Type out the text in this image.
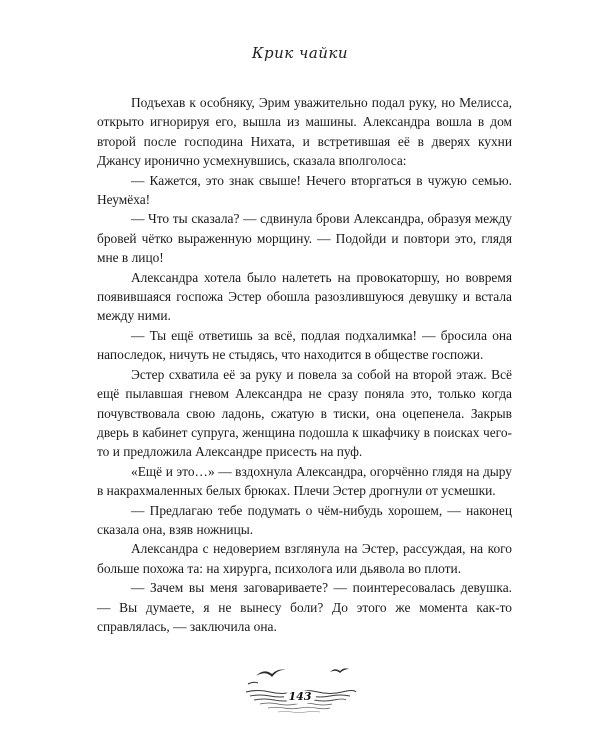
Крик чайки

Подъехав к особняку, Эрим уважительно подал руку, но Мелисса, открыто игнорируя его, вышла из машины. Александра вошла в дом второй после господина Нихата, и встретившая её в дверях кухни Джансу иронично усмехнувшись, сказала вполголоса:

— Кажется, это знак свыше! Нечего вторгаться в чужую семью. Неумёха!

— Что ты сказала? — сдвинула брови Александра, образуя между бровей чётко выраженную морщину. — Подойди и повтори это, глядя мне в лицо!

Александра хотела было налететь на провокаторшу, но вовремя появившаяся госпожа Эстер обошла разозлившуюся девушку и встала между ними.

— Ты ещё ответишь за всё, подлая подхалимка! — бросила она напоследок, ничуть не стыдясь, что находится в обществе госпожи.

Эстер схватила её за руку и повела за собой на второй этаж. Всё ещё пылавшая гневом Александра не сразу поняла это, только когда почувствовала свою ладонь, сжатую в тиски, она оцепенела. Закрыв дверь в кабинет супруга, женщина подошла к шкафчику в поисках чего-то и предложила Александре присесть на пуф.

«Ещё и это…» — вздохнула Александра, огорчённо глядя на дыру в накрахмаленных белых брюках. Плечи Эстер дрогнули от усмешки.

— Предлагаю тебе подумать о чём-нибудь хорошем, — наконец сказала она, взяв ножницы.

Александра с недоверием взглянула на Эстер, рассуждая, на кого больше похожа та: на хирурга, психолога или дьявола во плоти.

— Зачем вы меня заговариваете? — поинтересовалась девушка. — Вы думаете, я не вынесу боли? До этого же момента как-то справлялась, — заключила она.

143
